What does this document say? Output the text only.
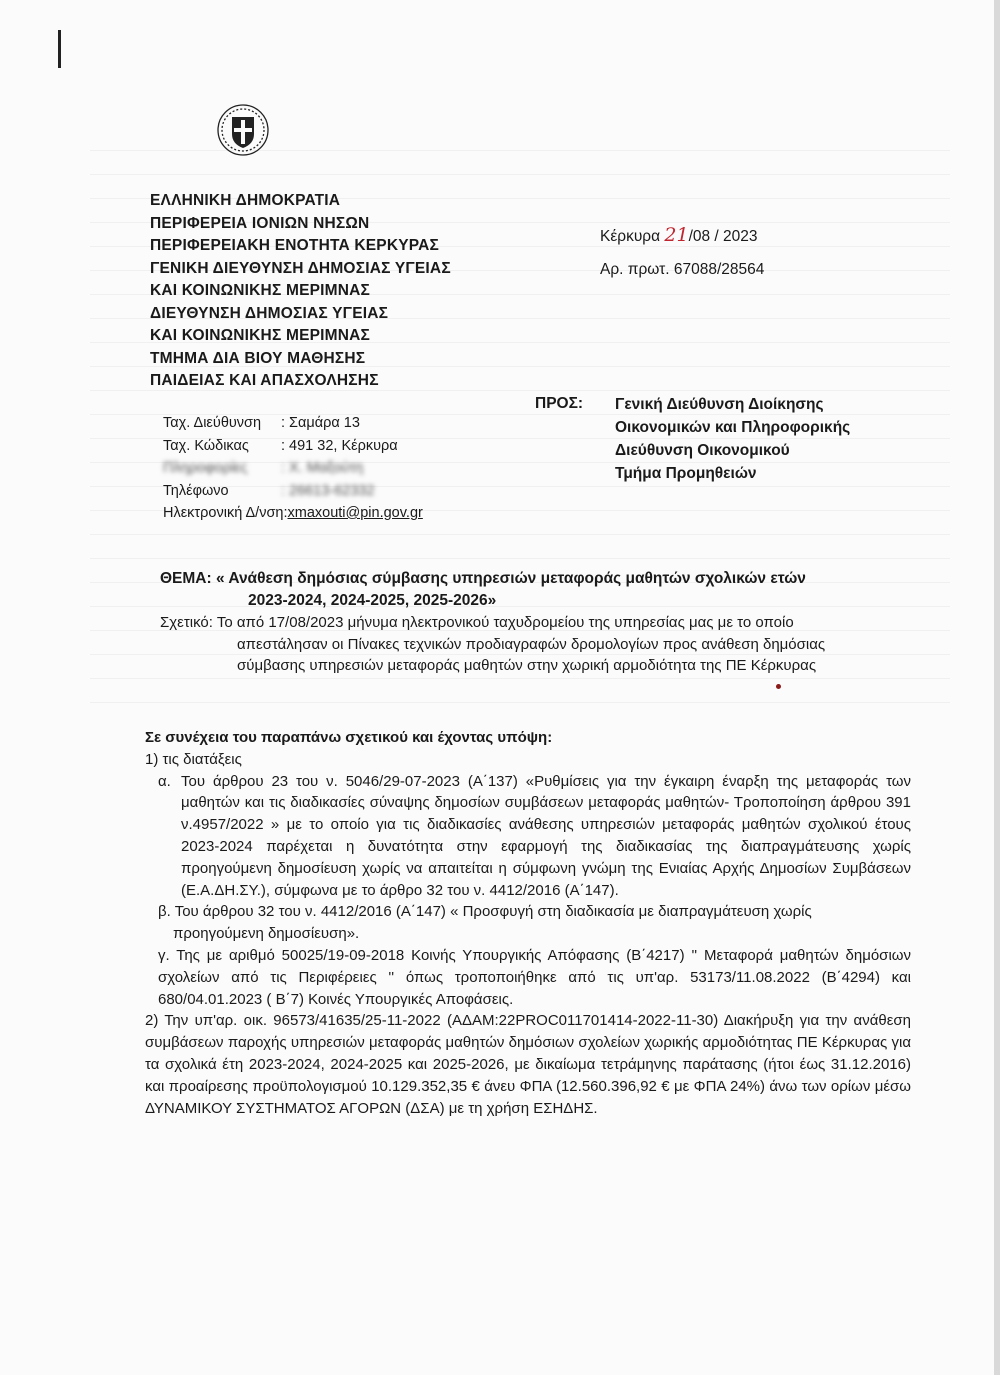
ΕΛΛΗΝΙΚΗ ΔΗΜΟΚΡΑΤΙΑ
ΠΕΡΙΦΕΡΕΙΑ ΙΟΝΙΩΝ ΝΗΣΩΝ
ΠΕΡΙΦΕΡΕΙΑΚΗ ΕΝΟΤΗΤΑ ΚΕΡΚΥΡΑΣ
ΓΕΝΙΚΗ ΔΙΕΥΘΥΝΣΗ ΔΗΜΟΣΙΑΣ ΥΓΕΙΑΣ
ΚΑΙ ΚΟΙΝΩΝΙΚΗΣ ΜΕΡΙΜΝΑΣ
ΔΙΕΥΘΥΝΣΗ ΔΗΜΟΣΙΑΣ ΥΓΕΙΑΣ
ΚΑΙ ΚΟΙΝΩΝΙΚΗΣ ΜΕΡΙΜΝΑΣ
ΤΜΗΜΑ ΔΙΑ ΒΙΟΥ ΜΑΘΗΣΗΣ
ΠΑΙΔΕΙΑΣ ΚΑΙ ΑΠΑΣΧΟΛΗΣΗΣ
Κέρκυρα 21/08 / 2023
Αρ. πρωτ. 67088/28564
ΠΡΟΣ: Γενική Διεύθυνση Διοίκησης
Οικονομικών και Πληροφορικής
Διεύθυνση Οικονομικού
Τμήμα Προμηθειών
Ταχ. Διεύθυνση	: Σαμάρα 13
Ταχ. Κώδικας	: 491 32, Κέρκυρα
Πληροφορίες	: Χ. Μαξούτη
Τηλέφωνο	: 26613-62332
Ηλεκτρονική Δ/νση: xmaxouti@pin.gov.gr
ΘΕΜΑ: « Ανάθεση δημόσιας σύμβασης υπηρεσιών μεταφοράς μαθητών σχολικών ετών
2023-2024, 2024-2025, 2025-2026»
Σχετικό: Το από 17/08/2023 μήνυμα ηλεκτρονικού ταχυδρομείου της υπηρεσίας μας με το οποίο
απεστάλησαν οι Πίνακες τεχνικών προδιαγραφών δρομολογίων προς ανάθεση δημόσιας
σύμβασης υπηρεσιών μεταφοράς μαθητών στην χωρική αρμοδιότητα της ΠΕ Κέρκυρας
Σε συνέχεια του παραπάνω σχετικού και έχοντας υπόψη:
1) τις διατάξεις
α. Του άρθρου 23 του ν. 5046/29-07-2023 (Α΄137) «Ρυθμίσεις για την έγκαιρη έναρξη της μεταφοράς των μαθητών και τις διαδικασίες σύναψης δημοσίων συμβάσεων μεταφοράς μαθητών- Τροποποίηση άρθρου 391 ν.4957/2022 » με το οποίο για τις διαδικασίες ανάθεσης υπηρεσιών μεταφοράς μαθητών σχολικού έτους 2023-2024 παρέχεται η δυνατότητα στην εφαρμογή της διαδικασίας της διαπραγμάτευσης χωρίς προηγούμενη δημοσίευση χωρίς να απαιτείται η σύμφωνη γνώμη της Ενιαίας Αρχής Δημοσίων Συμβάσεων (Ε.Α.ΔΗ.ΣΥ.), σύμφωνα με το άρθρο 32 του ν. 4412/2016 (Α΄147).
β. Του άρθρου 32 του ν. 4412/2016 (Α΄147) « Προσφυγή στη διαδικασία με διαπραγμάτευση χωρίς
προηγούμενη δημοσίευση».
γ. Της με αριθμό 50025/19-09-2018 Κοινής Υπουργικής Απόφασης (Β΄4217) '' Μεταφορά μαθητών δημόσιων σχολείων από τις Περιφέρειες '' όπως τροποποιήθηκε από τις υπ'αρ. 53173/11.08.2022 (Β΄4294) και 680/04.01.2023 ( Β΄7) Κοινές Υπουργικές Αποφάσεις.
2) Την υπ'αρ. οικ. 96573/41635/25-11-2022 (ΑΔΑΜ:22PROC011701414-2022-11-30) Διακήρυξη για την ανάθεση συμβάσεων παροχής υπηρεσιών μεταφοράς μαθητών δημόσιων σχολείων χωρικής αρμοδιότητας ΠΕ Κέρκυρας για τα σχολικά έτη 2023-2024, 2024-2025 και 2025-2026, με δικαίωμα τετράμηνης παράτασης (ήτοι έως 31.12.2016) και προαίρεσης προϋπολογισμού 10.129.352,35 € άνευ ΦΠΑ (12.560.396,92 € με ΦΠΑ 24%) άνω των ορίων μέσω ΔΥΝΑΜΙΚΟΥ ΣΥΣΤΗΜΑΤΟΣ ΑΓΟΡΩΝ (ΔΣΑ) με τη χρήση ΕΣΗΔΗΣ.
